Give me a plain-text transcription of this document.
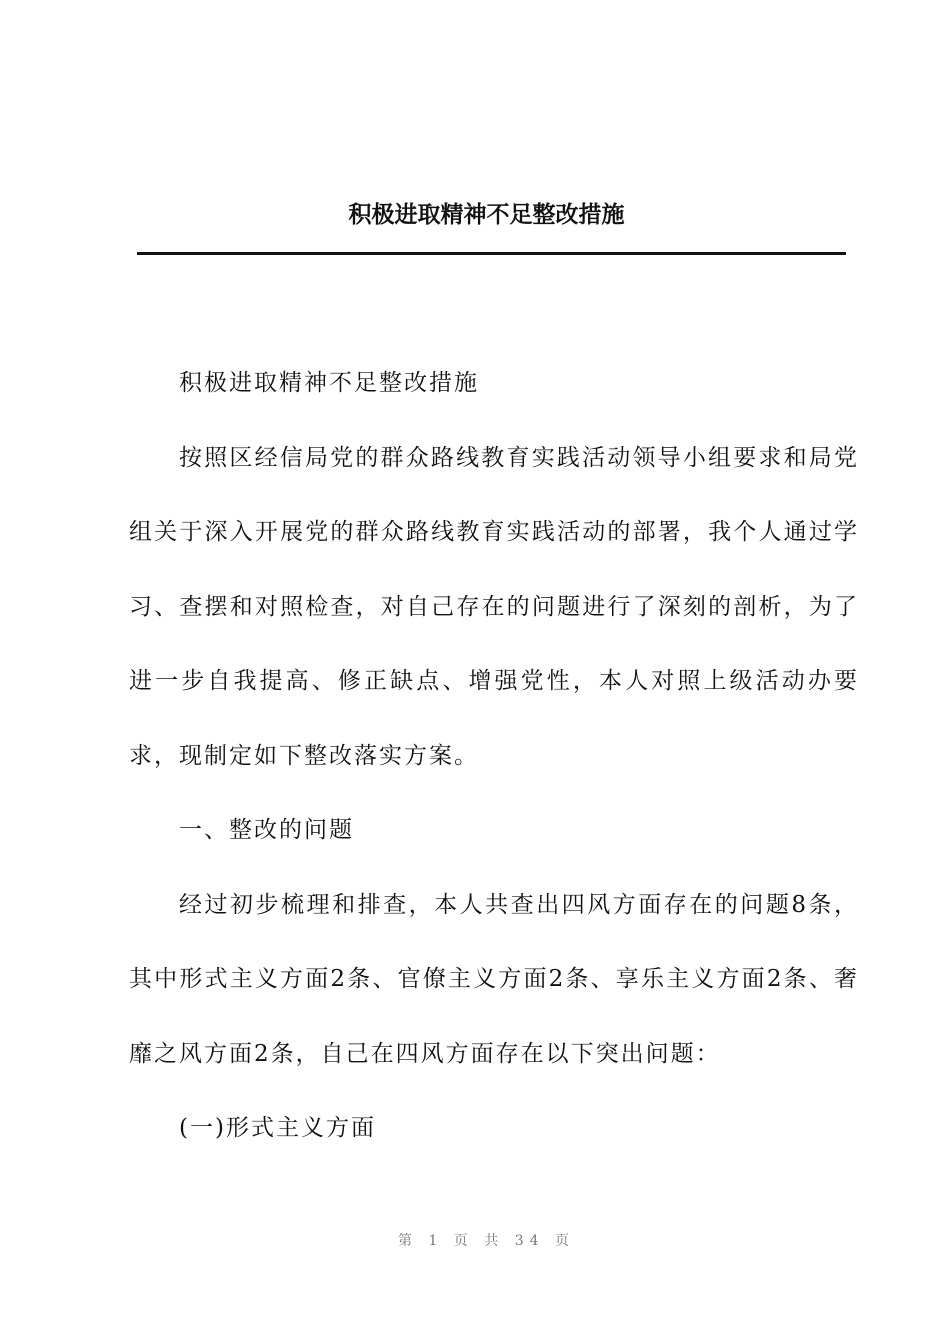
积极进取精神不足整改措施

积极进取精神不足整改措施

按照区经信局党的群众路线教育实践活动领导小组要求和局党组关于深入开展党的群众路线教育实践活动的部署，我个人通过学习、查摆和对照检查，对自己存在的问题进行了深刻的剖析，为了进一步自我提高、修正缺点、增强党性，本人对照上级活动办要求，现制定如下整改落实方案。

一、整改的问题

经过初步梳理和排查，本人共查出四风方面存在的问题8条，其中形式主义方面2条、官僚主义方面2条、享乐主义方面2条、奢靡之风方面2条，自己在四风方面存在以下突出问题：

(一)形式主义方面

第 1 页 共 34 页
